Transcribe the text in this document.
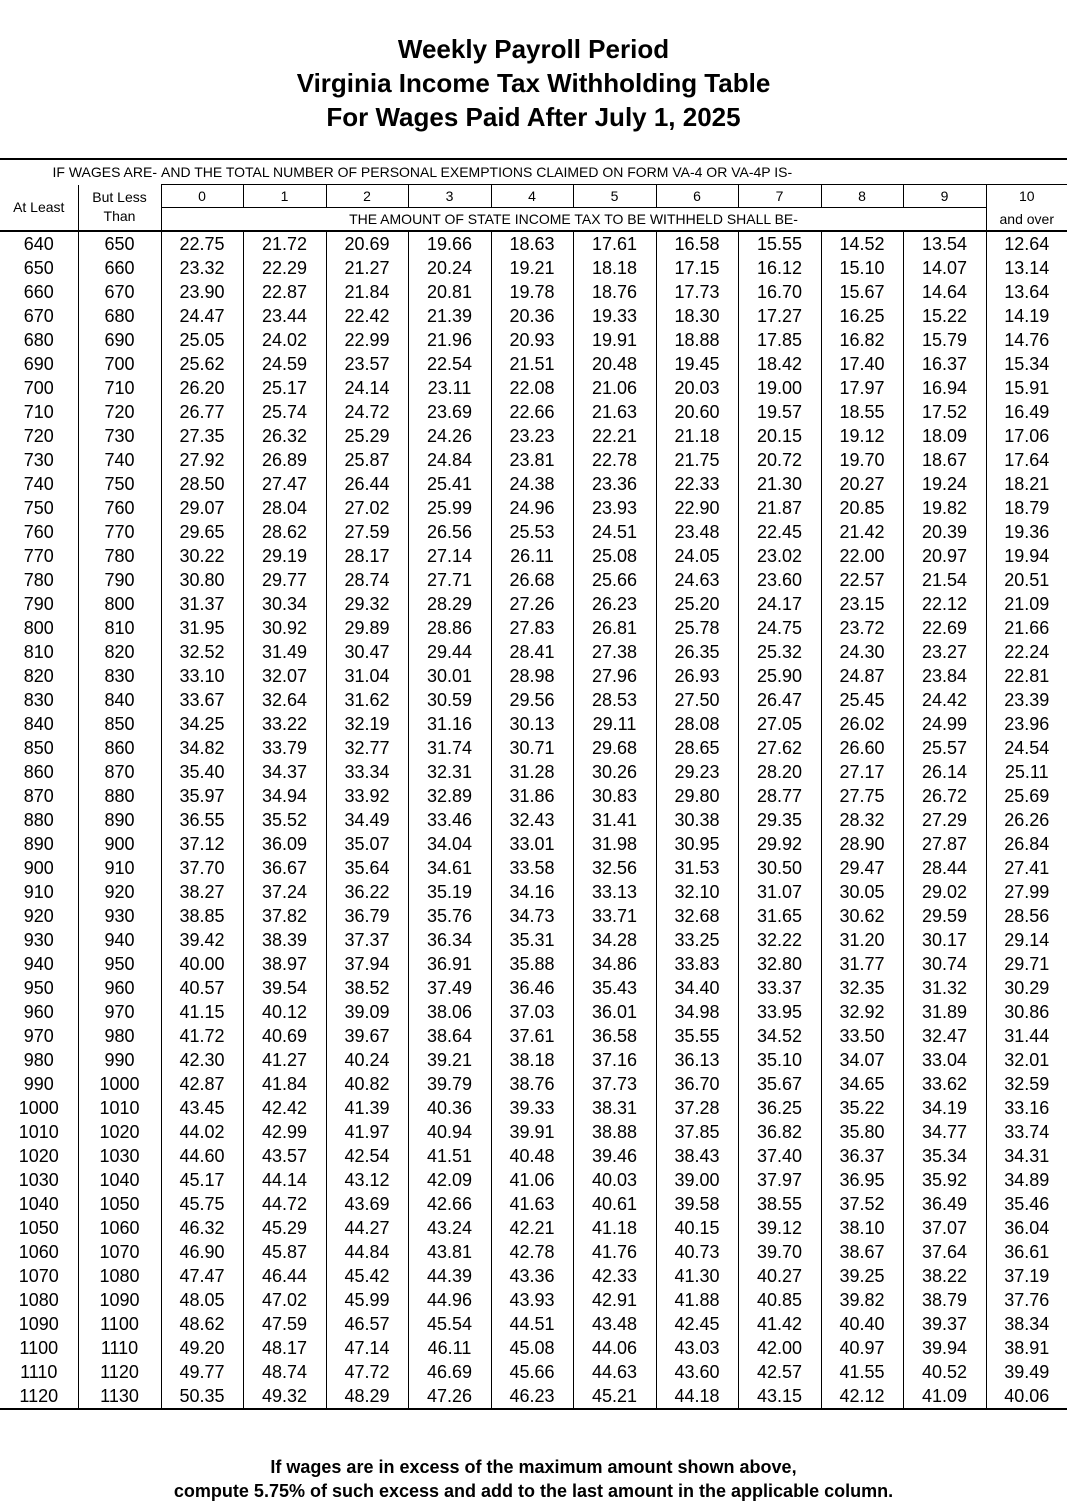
Weekly Payroll Period

Virginia Income Tax Withholding Table

For Wages Paid After July 1, 2025

IF WAGES ARE-		AND THE TOTAL NUMBER OF PERSONAL EXEMPTIONS CLAIMED ON FORM VA-4 OR VA-4P IS-										
At Least	But Less
Than	0	1	2	3	4	5	6	7	8	9	10
		THE AMOUNT OF STATE INCOME TAX TO BE WITHHELD SHALL BE-										and over
640	650	22.75	21.72	20.69	19.66	18.63	17.61	16.58	15.55	14.52	13.54	12.64
650	660	23.32	22.29	21.27	20.24	19.21	18.18	17.15	16.12	15.10	14.07	13.14
660	670	23.90	22.87	21.84	20.81	19.78	18.76	17.73	16.70	15.67	14.64	13.64
670	680	24.47	23.44	22.42	21.39	20.36	19.33	18.30	17.27	16.25	15.22	14.19
680	690	25.05	24.02	22.99	21.96	20.93	19.91	18.88	17.85	16.82	15.79	14.76
690	700	25.62	24.59	23.57	22.54	21.51	20.48	19.45	18.42	17.40	16.37	15.34
700	710	26.20	25.17	24.14	23.11	22.08	21.06	20.03	19.00	17.97	16.94	15.91
710	720	26.77	25.74	24.72	23.69	22.66	21.63	20.60	19.57	18.55	17.52	16.49
720	730	27.35	26.32	25.29	24.26	23.23	22.21	21.18	20.15	19.12	18.09	17.06
730	740	27.92	26.89	25.87	24.84	23.81	22.78	21.75	20.72	19.70	18.67	17.64
740	750	28.50	27.47	26.44	25.41	24.38	23.36	22.33	21.30	20.27	19.24	18.21
750	760	29.07	28.04	27.02	25.99	24.96	23.93	22.90	21.87	20.85	19.82	18.79
760	770	29.65	28.62	27.59	26.56	25.53	24.51	23.48	22.45	21.42	20.39	19.36
770	780	30.22	29.19	28.17	27.14	26.11	25.08	24.05	23.02	22.00	20.97	19.94
780	790	30.80	29.77	28.74	27.71	26.68	25.66	24.63	23.60	22.57	21.54	20.51
790	800	31.37	30.34	29.32	28.29	27.26	26.23	25.20	24.17	23.15	22.12	21.09
800	810	31.95	30.92	29.89	28.86	27.83	26.81	25.78	24.75	23.72	22.69	21.66
810	820	32.52	31.49	30.47	29.44	28.41	27.38	26.35	25.32	24.30	23.27	22.24
820	830	33.10	32.07	31.04	30.01	28.98	27.96	26.93	25.90	24.87	23.84	22.81
830	840	33.67	32.64	31.62	30.59	29.56	28.53	27.50	26.47	25.45	24.42	23.39
840	850	34.25	33.22	32.19	31.16	30.13	29.11	28.08	27.05	26.02	24.99	23.96
850	860	34.82	33.79	32.77	31.74	30.71	29.68	28.65	27.62	26.60	25.57	24.54
860	870	35.40	34.37	33.34	32.31	31.28	30.26	29.23	28.20	27.17	26.14	25.11
870	880	35.97	34.94	33.92	32.89	31.86	30.83	29.80	28.77	27.75	26.72	25.69
880	890	36.55	35.52	34.49	33.46	32.43	31.41	30.38	29.35	28.32	27.29	26.26
890	900	37.12	36.09	35.07	34.04	33.01	31.98	30.95	29.92	28.90	27.87	26.84
900	910	37.70	36.67	35.64	34.61	33.58	32.56	31.53	30.50	29.47	28.44	27.41
910	920	38.27	37.24	36.22	35.19	34.16	33.13	32.10	31.07	30.05	29.02	27.99
920	930	38.85	37.82	36.79	35.76	34.73	33.71	32.68	31.65	30.62	29.59	28.56
930	940	39.42	38.39	37.37	36.34	35.31	34.28	33.25	32.22	31.20	30.17	29.14
940	950	40.00	38.97	37.94	36.91	35.88	34.86	33.83	32.80	31.77	30.74	29.71
950	960	40.57	39.54	38.52	37.49	36.46	35.43	34.40	33.37	32.35	31.32	30.29
960	970	41.15	40.12	39.09	38.06	37.03	36.01	34.98	33.95	32.92	31.89	30.86
970	980	41.72	40.69	39.67	38.64	37.61	36.58	35.55	34.52	33.50	32.47	31.44
980	990	42.30	41.27	40.24	39.21	38.18	37.16	36.13	35.10	34.07	33.04	32.01
990	1000	42.87	41.84	40.82	39.79	38.76	37.73	36.70	35.67	34.65	33.62	32.59
1000	1010	43.45	42.42	41.39	40.36	39.33	38.31	37.28	36.25	35.22	34.19	33.16
1010	1020	44.02	42.99	41.97	40.94	39.91	38.88	37.85	36.82	35.80	34.77	33.74
1020	1030	44.60	43.57	42.54	41.51	40.48	39.46	38.43	37.40	36.37	35.34	34.31
1030	1040	45.17	44.14	43.12	42.09	41.06	40.03	39.00	37.97	36.95	35.92	34.89
1040	1050	45.75	44.72	43.69	42.66	41.63	40.61	39.58	38.55	37.52	36.49	35.46
1050	1060	46.32	45.29	44.27	43.24	42.21	41.18	40.15	39.12	38.10	37.07	36.04
1060	1070	46.90	45.87	44.84	43.81	42.78	41.76	40.73	39.70	38.67	37.64	36.61
1070	1080	47.47	46.44	45.42	44.39	43.36	42.33	41.30	40.27	39.25	38.22	37.19
1080	1090	48.05	47.02	45.99	44.96	43.93	42.91	41.88	40.85	39.82	38.79	37.76
1090	1100	48.62	47.59	46.57	45.54	44.51	43.48	42.45	41.42	40.40	39.37	38.34
1100	1110	49.20	48.17	47.14	46.11	45.08	44.06	43.03	42.00	40.97	39.94	38.91
1110	1120	49.77	48.74	47.72	46.69	45.66	44.63	43.60	42.57	41.55	40.52	39.49
1120	1130	50.35	49.32	48.29	47.26	46.23	45.21	44.18	43.15	42.12	41.09	40.06
If wages are in excess of the maximum amount shown above,
compute 5.75% of such excess and add to the last amount in the applicable column.
